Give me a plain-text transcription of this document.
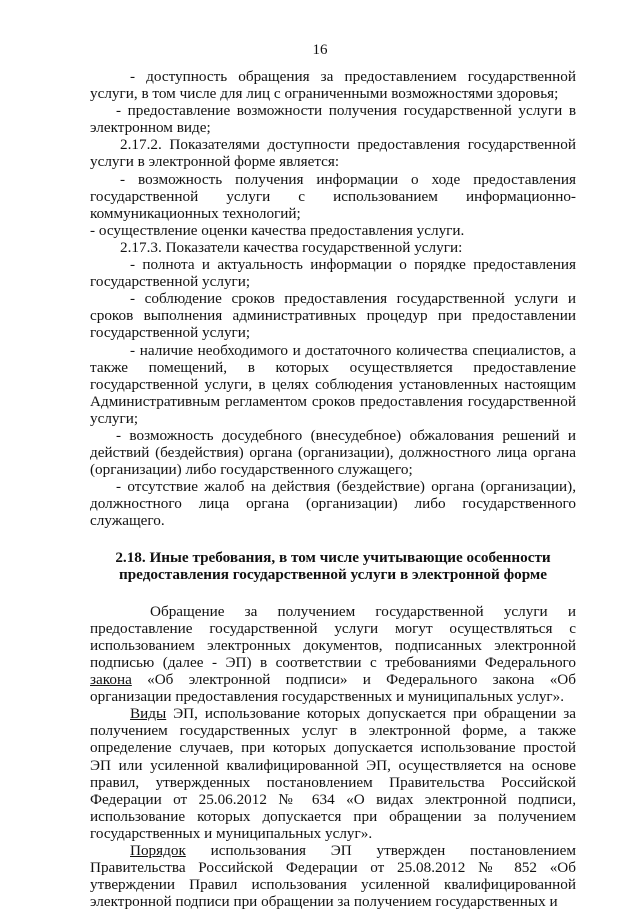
16

- доступность обращения за предоставлением государственной услуги, в том числе для лиц с ограниченными возможностями здоровья;

- предоставление возможности получения государственной услуги в электронном виде;

2.17.2. Показателями доступности предоставления государственной услуги в электронной форме является:

- возможность получения информации о ходе предоставления государственной услуги с использованием информационно-коммуникационных технологий;

- осуществление оценки качества предоставления услуги.

2.17.3. Показатели качества государственной услуги:

- полнота и актуальность информации о порядке предоставления государственной услуги;

- соблюдение сроков предоставления государственной услуги и сроков выполнения административных процедур при предоставлении государственной услуги;

- наличие необходимого и достаточного количества специалистов, а также помещений, в которых осуществляется предоставление государственной услуги, в целях соблюдения установленных настоящим Административным регламентом сроков предоставления государственной услуги;

- возможность досудебного (внесудебное) обжалования решений и действий (бездействия) органа (организации), должностного лица органа (организации) либо государственного служащего;

- отсутствие жалоб на действия (бездействие) органа (организации), должностного лица органа (организации) либо государственного служащего.

2.18. Иные требования, в том числе учитывающие особенности
предоставления государственной услуги в электронной форме

Обращение за получением государственной услуги и предоставление государственной услуги могут осуществляться с использованием электронных документов, подписанных электронной подписью (далее - ЭП) в соответствии с требованиями Федерального закона «Об электронной подписи» и Федерального закона «Об организации предоставления государственных и муниципальных услуг».

Виды ЭП, использование которых допускается при обращении за получением государственных услуг в электронной форме, а также определение случаев, при которых допускается использование простой ЭП или усиленной квалифицированной ЭП, осуществляется на основе правил, утвержденных постановлением Правительства Российской Федерации от 25.06.2012 № 634 «О видах электронной подписи, использование которых допускается при обращении за получением государственных и муниципальных услуг».

Порядок использования ЭП утвержден постановлением Правительства Российской Федерации от 25.08.2012 № 852 «Об утверждении Правил использования усиленной квалифицированной электронной подписи при обращении за получением государственных и
